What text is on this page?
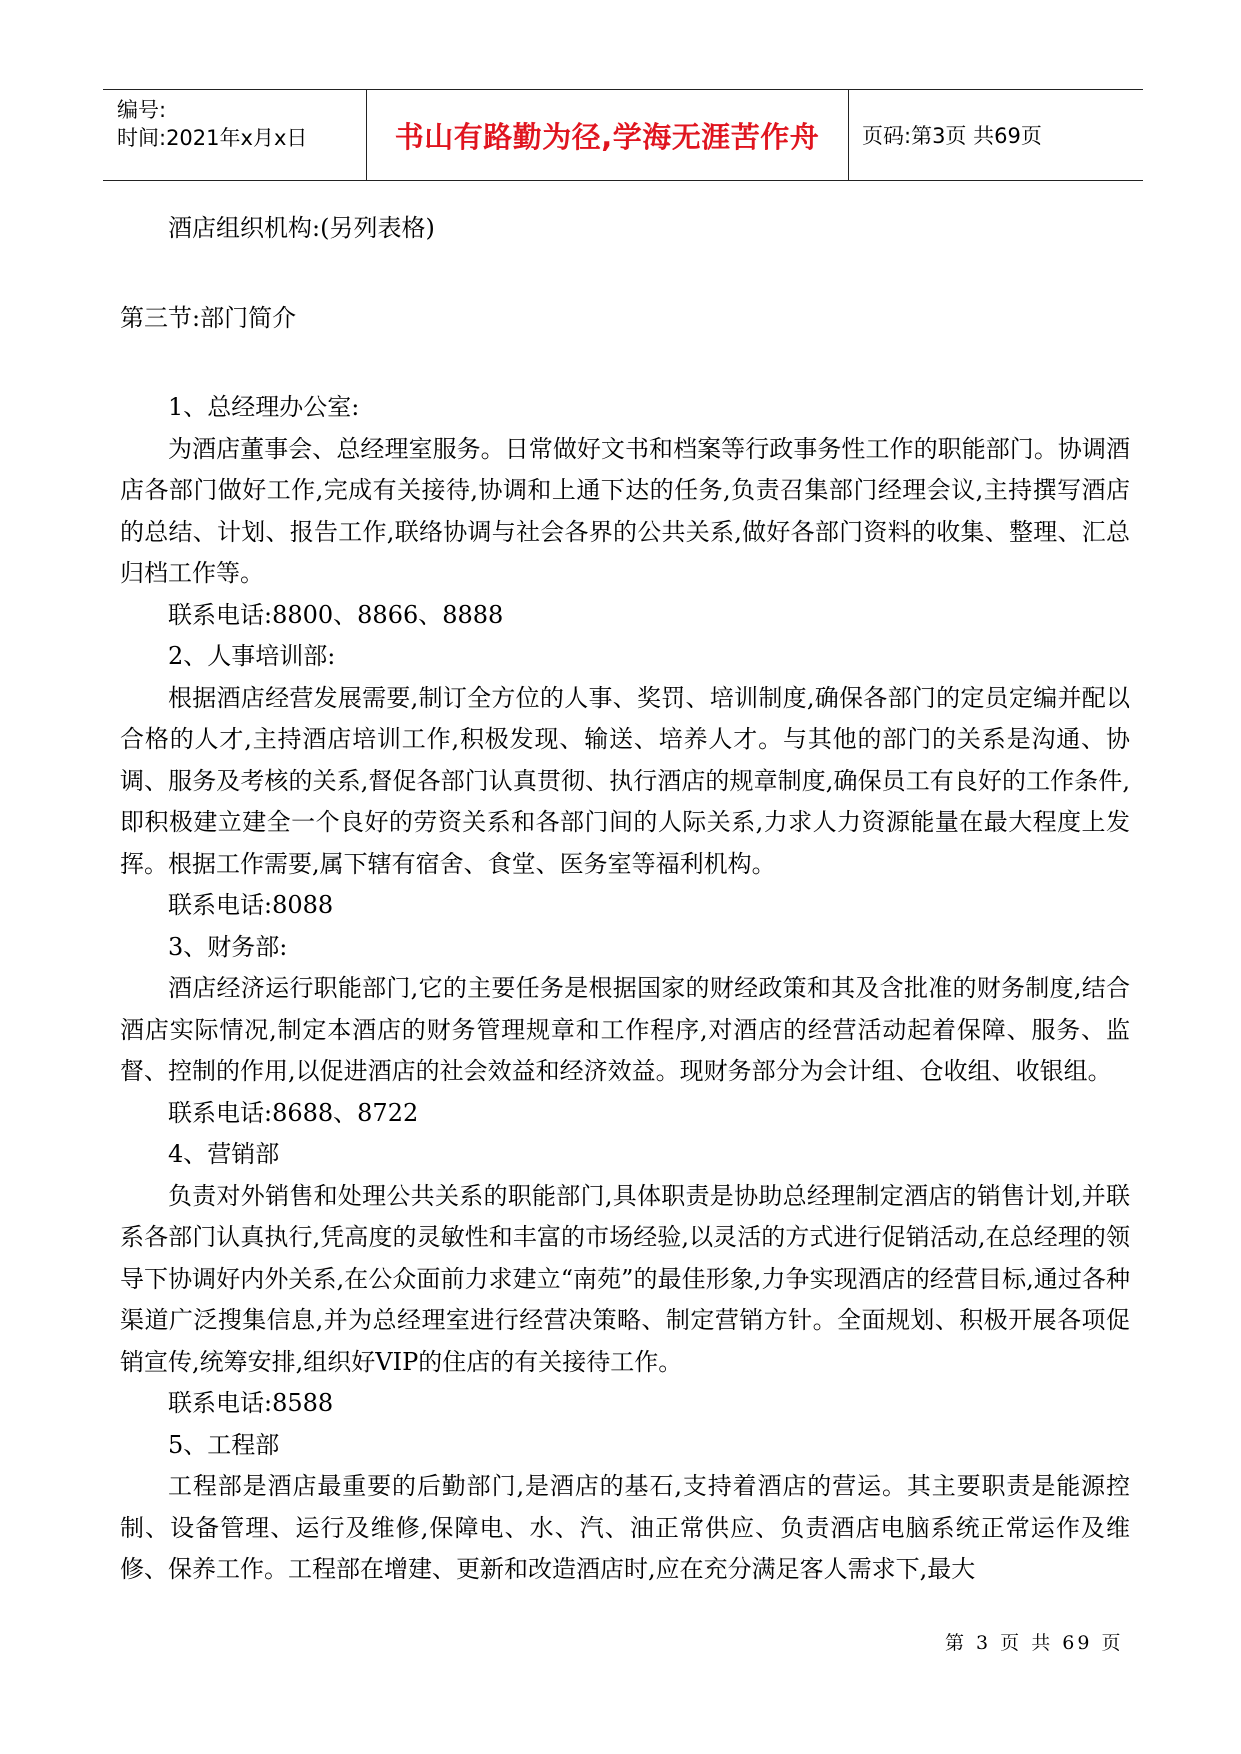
编号:
时间:2021年x月x日	书山有路勤为径,学海无涯苦作舟 页码:第3页 共69页

酒店组织机构:(另列表格)

第三节:部门简介

1、总经理办公室:

为酒店董事会、总经理室服务。日常做好文书和档案等行政事务性工作的职能部门。协调酒店各部门做好工作,完成有关接待,协调和上通下达的任务,负责召集部门经理会议,主持撰写酒店的总结、计划、报告工作,联络协调与社会各界的公共关系,做好各部门资料的收集、整理、汇总归档工作等。

联系电话:8800、8866、8888

2、人事培训部:

根据酒店经营发展需要,制订全方位的人事、奖罚、培训制度,确保各部门的定员定编并配以合格的人才,主持酒店培训工作,积极发现、输送、培养人才。与其他的部门的关系是沟通、协调、服务及考核的关系,督促各部门认真贯彻、执行酒店的规章制度,确保员工有良好的工作条件,即积极建立建全一个良好的劳资关系和各部门间的人际关系,力求人力资源能量在最大程度上发挥。根据工作需要,属下辖有宿舍、食堂、医务室等福利机构。

联系电话:8088

3、财务部:

酒店经济运行职能部门,它的主要任务是根据国家的财经政策和其及含批准的财务制度,结合酒店实际情况,制定本酒店的财务管理规章和工作程序,对酒店的经营活动起着保障、服务、监督、控制的作用,以促进酒店的社会效益和经济效益。现财务部分为会计组、仓收组、收银组。

联系电话:8688、8722

4、营销部

负责对外销售和处理公共关系的职能部门,具体职责是协助总经理制定酒店的销售计划,并联系各部门认真执行,凭高度的灵敏性和丰富的市场经验,以灵活的方式进行促销活动,在总经理的领导下协调好内外关系,在公众面前力求建立“南苑”的最佳形象,力争实现酒店的经营目标,通过各种渠道广泛搜集信息,并为总经理室进行经营决策略、制定营销方针。全面规划、积极开展各项促销宣传,统筹安排,组织好VIP的住店的有关接待工作。

联系电话:8588

5、工程部

工程部是酒店最重要的后勤部门,是酒店的基石,支持着酒店的营运。其主要职责是能源控制、设备管理、运行及维修,保障电、水、汽、油正常供应、负责酒店电脑系统正常运作及维修、保养工作。工程部在增建、更新和改造酒店时,应在充分满足客人需求下,最大

第 3 页 共 69 页
